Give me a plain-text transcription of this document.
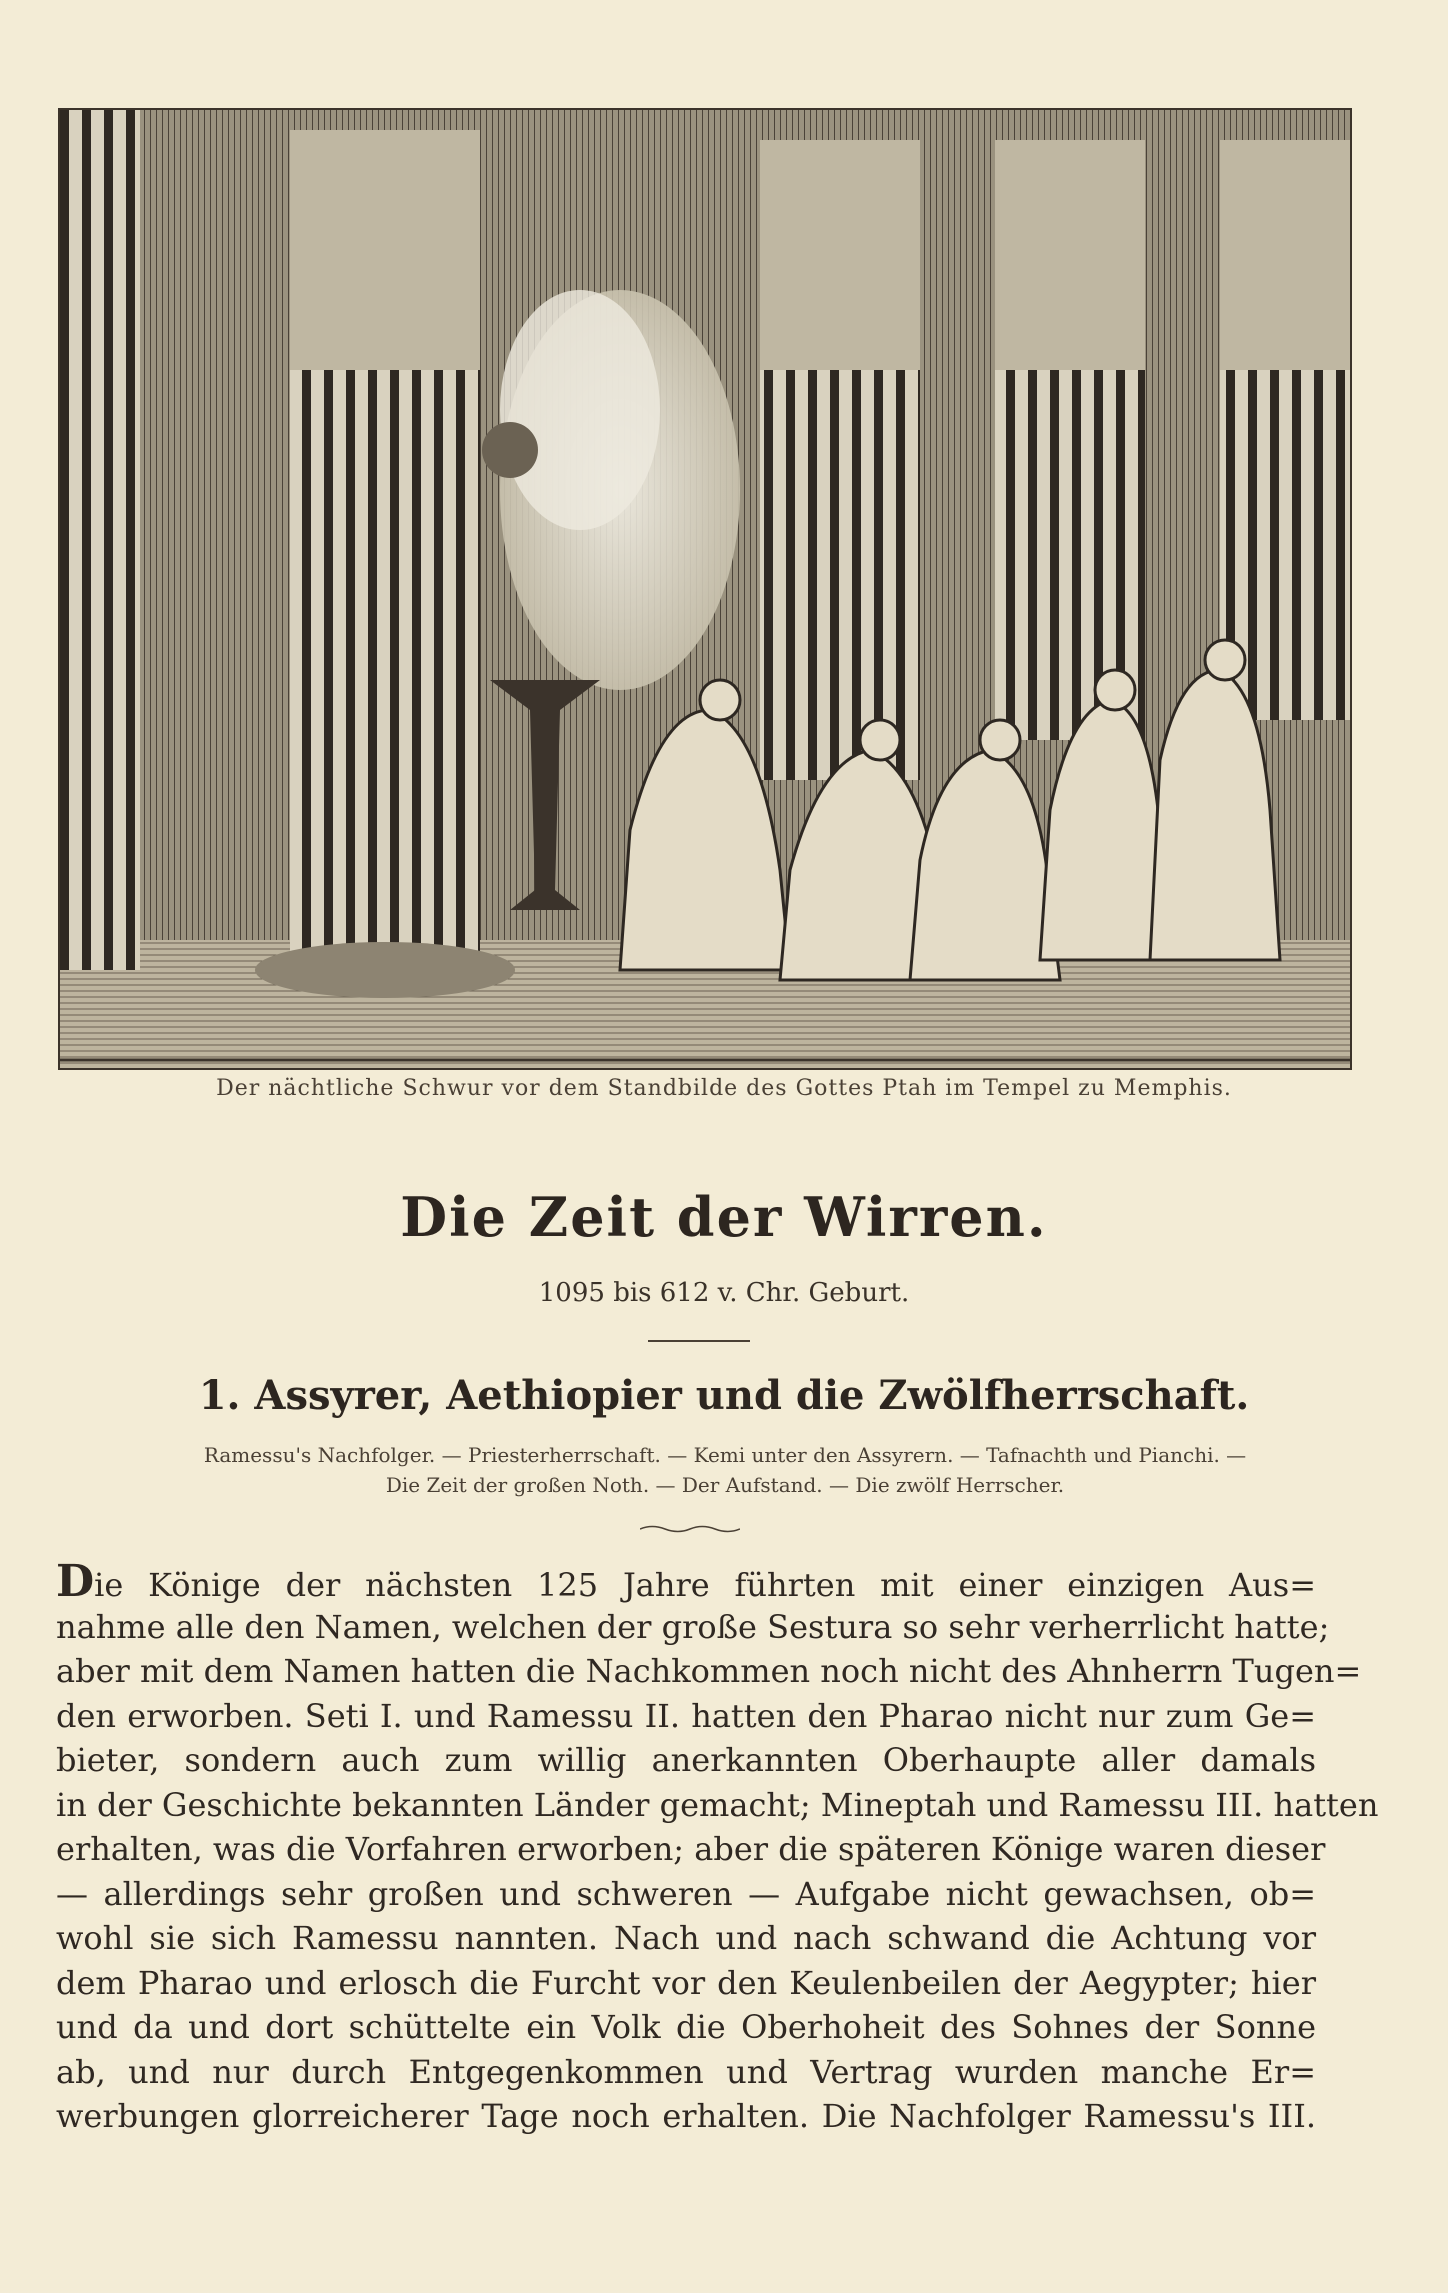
Der nächtliche Schwur vor dem Standbilde des Gottes Ptah im Tempel zu Memphis.
Die Zeit der Wirren.
1095 bis 612 v. Chr. Geburt.
1. Assyrer, Aethiopier und die Zwölfherrschaft.
Ramessu's Nachfolger. — Priesterherrschaft. — Kemi unter den Assyrern. — Tafnachth und Pianchi. —
Die Zeit der großen Noth. — Der Aufstand. — Die zwölf Herrscher.
Die Könige der nächsten 125 Jahre führten mit einer einzigen Aus=
nahme alle den Namen, welchen der große Sestura so sehr verherrlicht hatte;
aber mit dem Namen hatten die Nachkommen noch nicht des Ahnherrn Tugen=
den erworben. Seti I. und Ramessu II. hatten den Pharao nicht nur zum Ge=
bieter, sondern auch zum willig anerkannten Oberhaupte aller damals
in der Geschichte bekannten Länder gemacht; Mineptah und Ramessu III. hatten
erhalten, was die Vorfahren erworben; aber die späteren Könige waren dieser
— allerdings sehr großen und schweren — Aufgabe nicht gewachsen, ob=
wohl sie sich Ramessu nannten. Nach und nach schwand die Achtung vor
dem Pharao und erlosch die Furcht vor den Keulenbeilen der Aegypter; hier
und da und dort schüttelte ein Volk die Oberhoheit des Sohnes der Sonne
ab, und nur durch Entgegenkommen und Vertrag wurden manche Er=
werbungen glorreicherer Tage noch erhalten. Die Nachfolger Ramessu's III.
